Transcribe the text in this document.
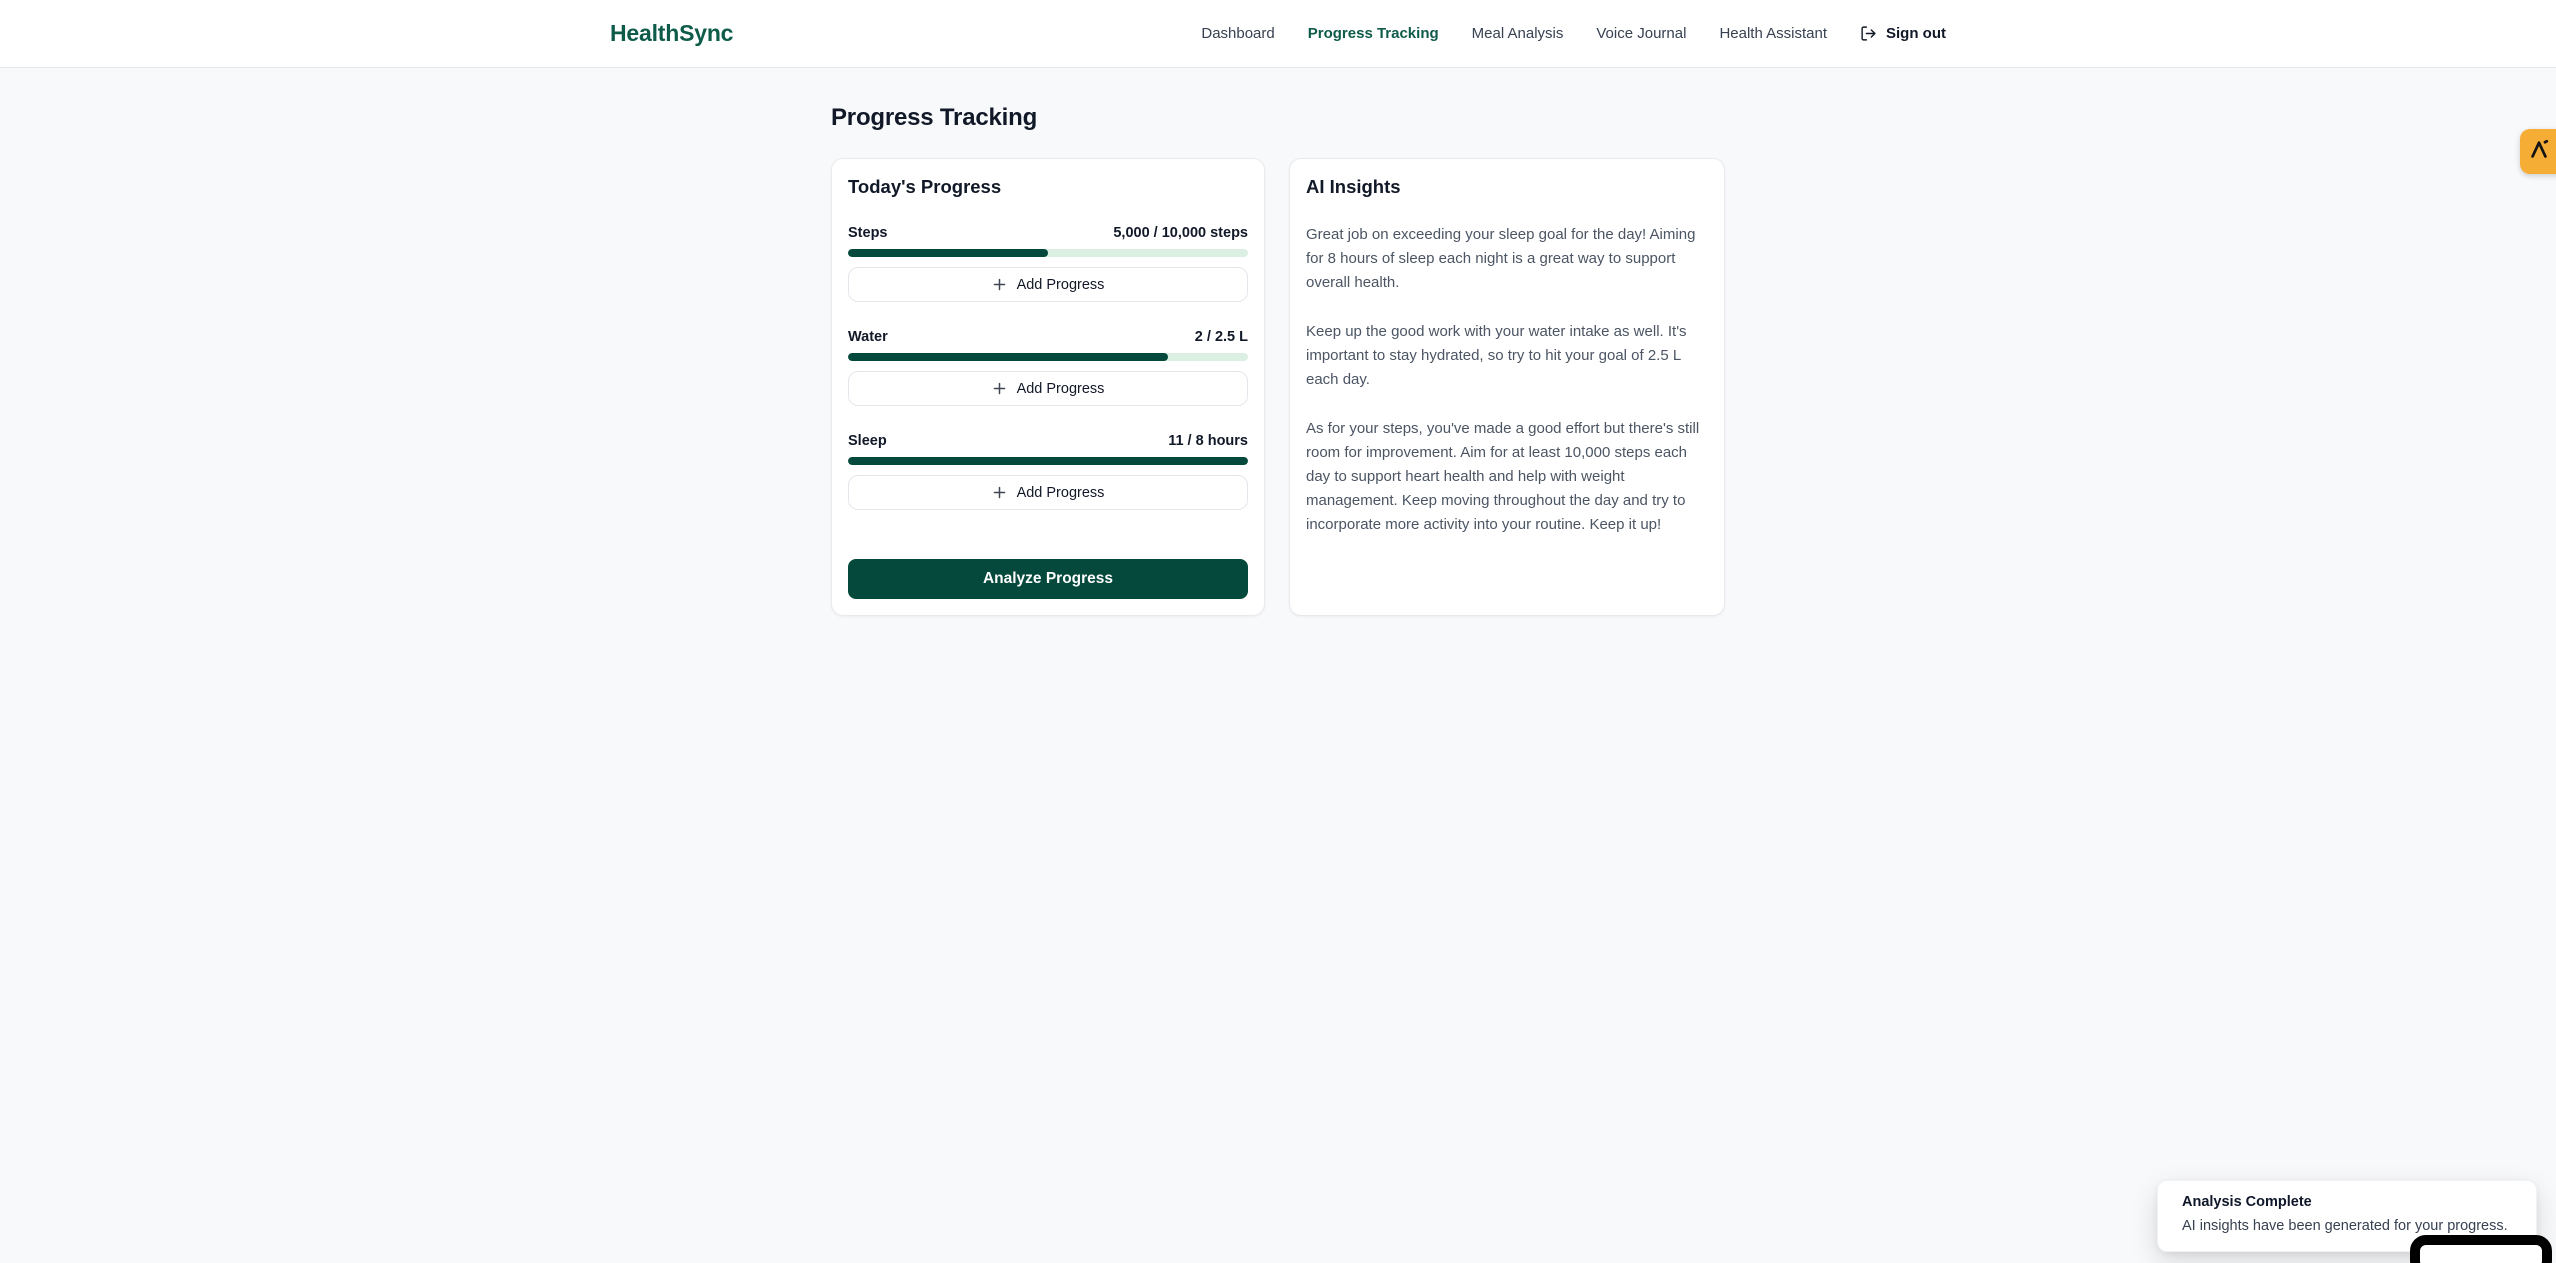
HealthSync	Dashboard Progress Tracking Meal Analysis Voice Journal Health Assistant	Sign out
Progress Tracking
Today's Progress
Steps	5,000 / 10,000 steps
Add Progress
Water	2 / 2.5 L
Add Progress
Sleep	11 / 8 hours
Add Progress
Analyze Progress
AI Insights

Great job on exceeding your sleep goal for the day! Aiming for 8 hours of sleep each night is a great way to support overall health.

Keep up the good work with your water intake as well. It's important to stay hydrated, so try to hit your goal of 2.5 L each day.

As for your steps, you've made a good effort but there's still room for improvement. Aim for at least 10,000 steps each day to support heart health and help with weight management. Keep moving throughout the day and try to incorporate more activity into your routine. Keep it up!

Analysis Complete
AI insights have been generated for your progress.
